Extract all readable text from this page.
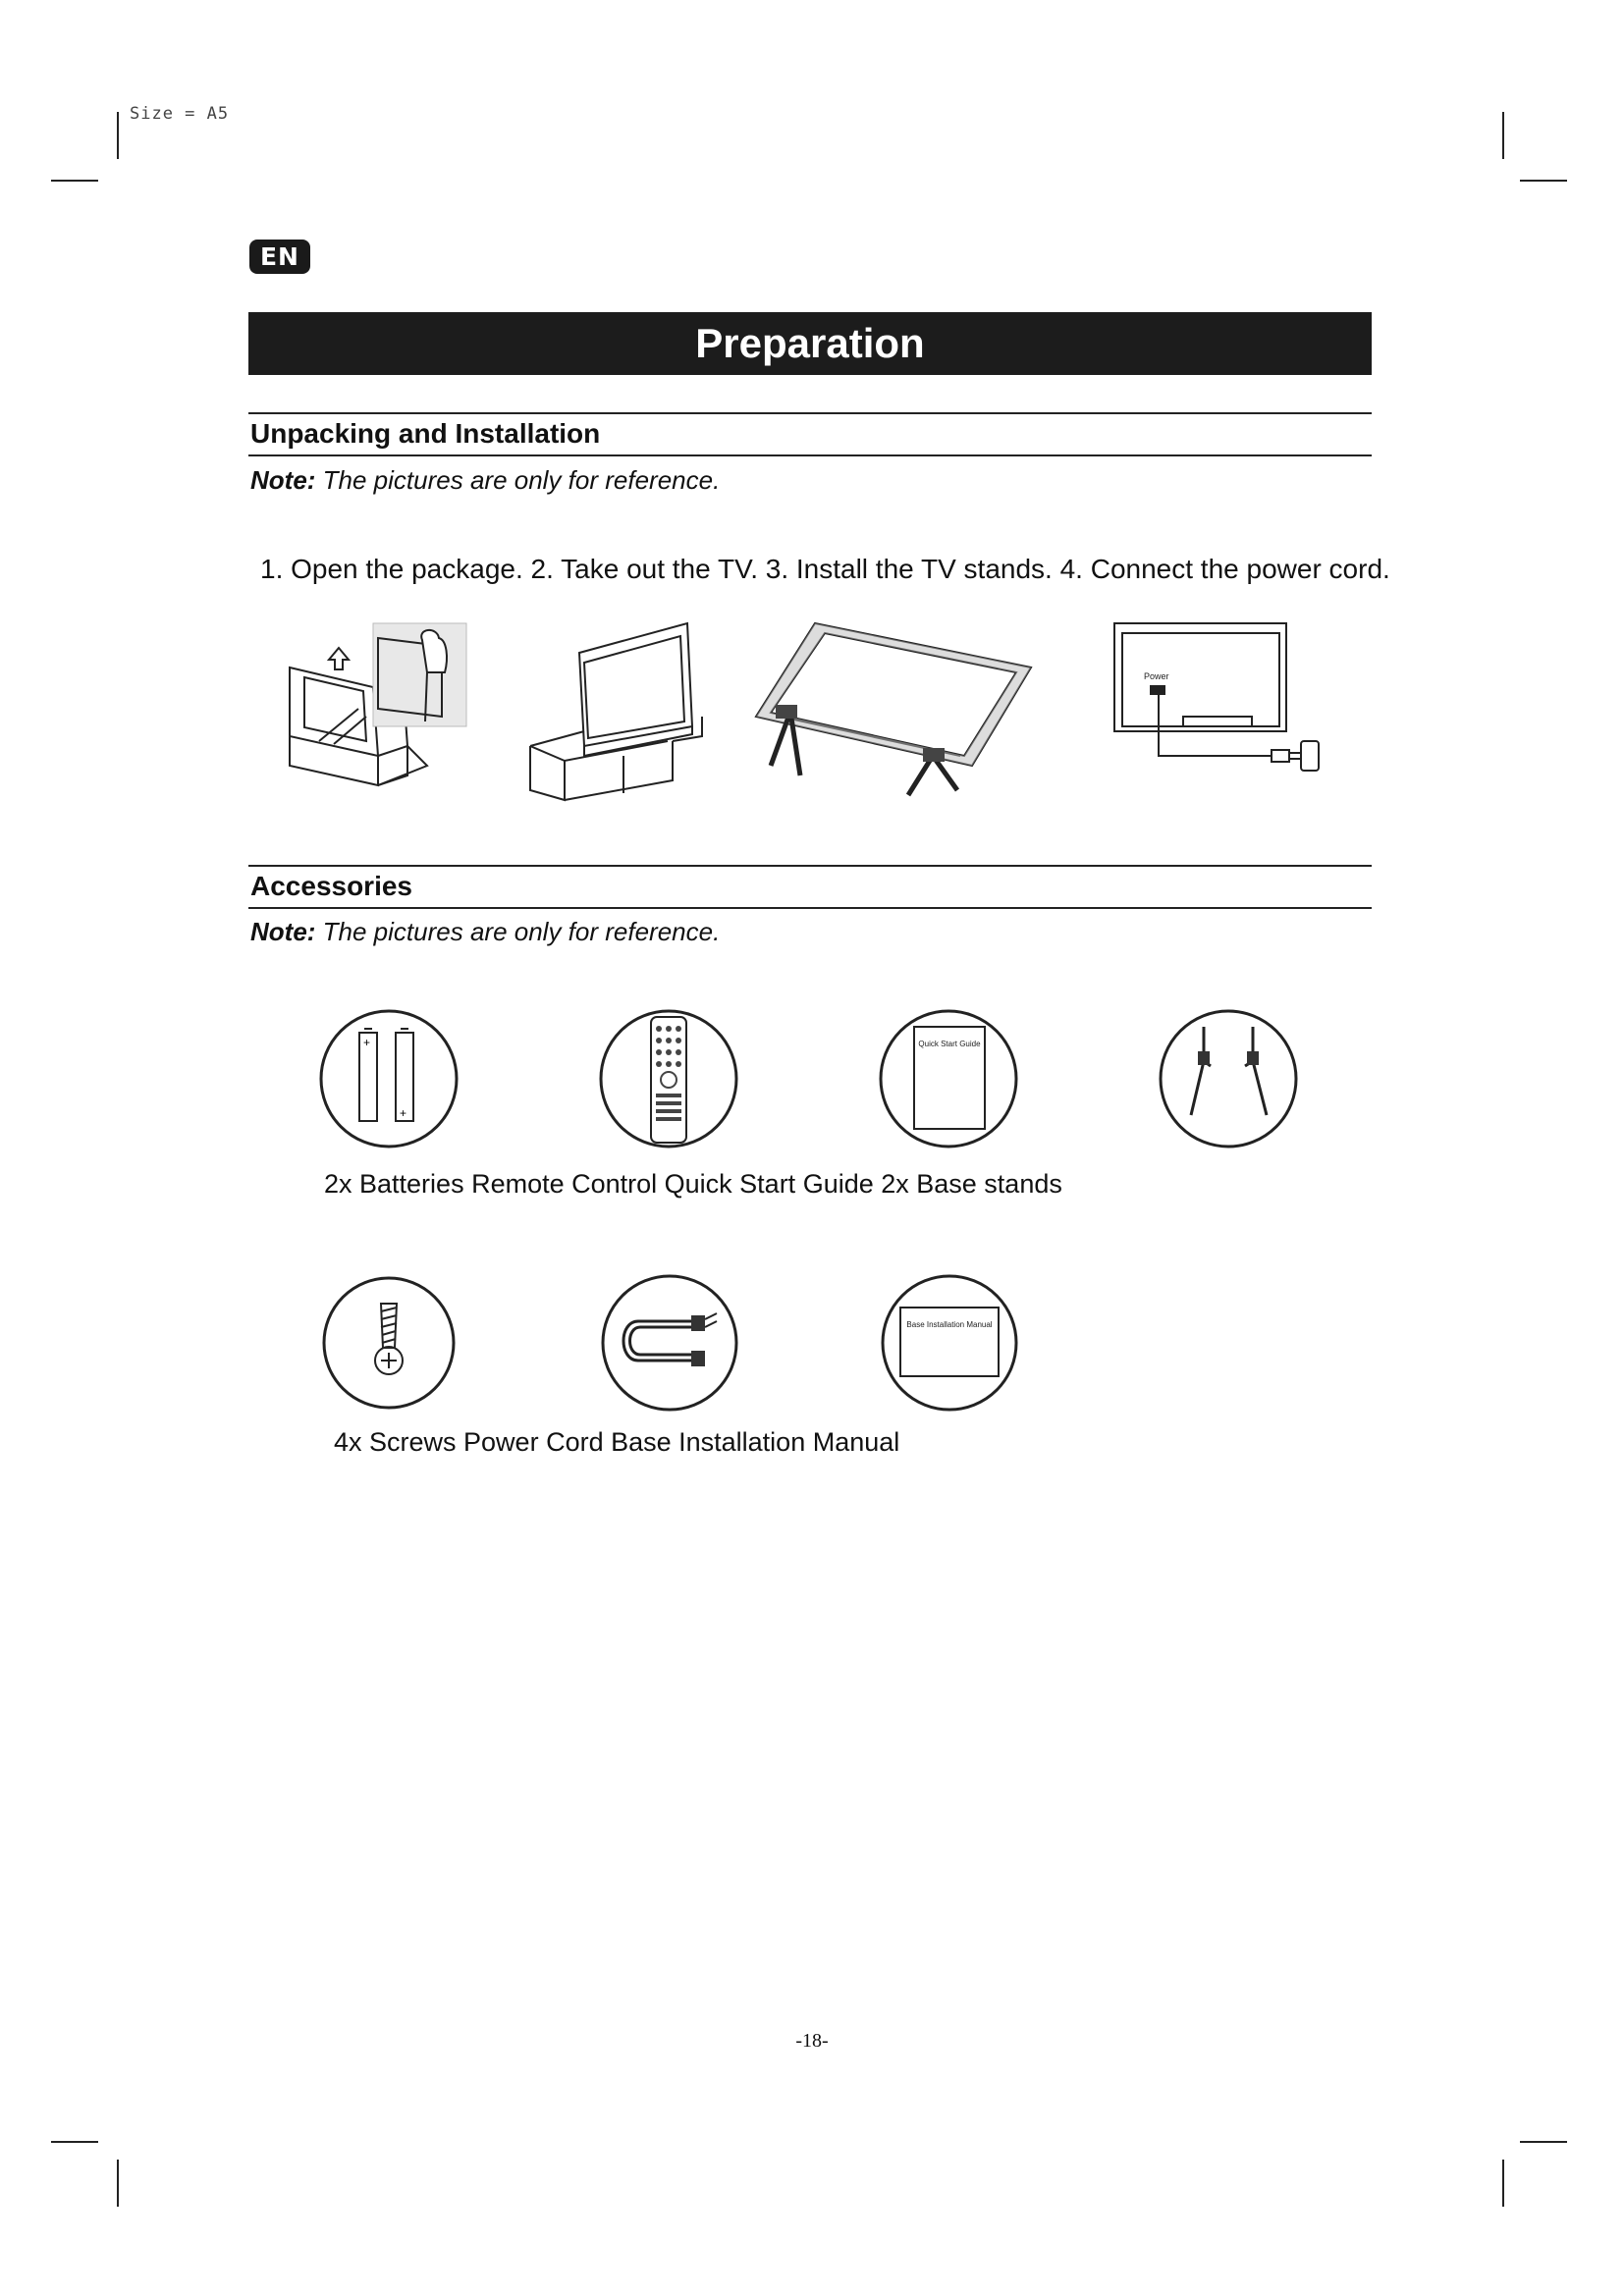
Size = A5
EN
Preparation
Unpacking and Installation
Note: The pictures are only for reference.
1. Open the package. 2. Take out the TV. 3. Install the TV stands. 4. Connect the power cord.
Power
Accessories
Note: The pictures are only for reference.
+
+
Quick Start Guide
2x Batteries Remote Control Quick Start Guide 2x Base stands
Base Installation Manual
4x Screws Power Cord Base Installation Manual
-18-
